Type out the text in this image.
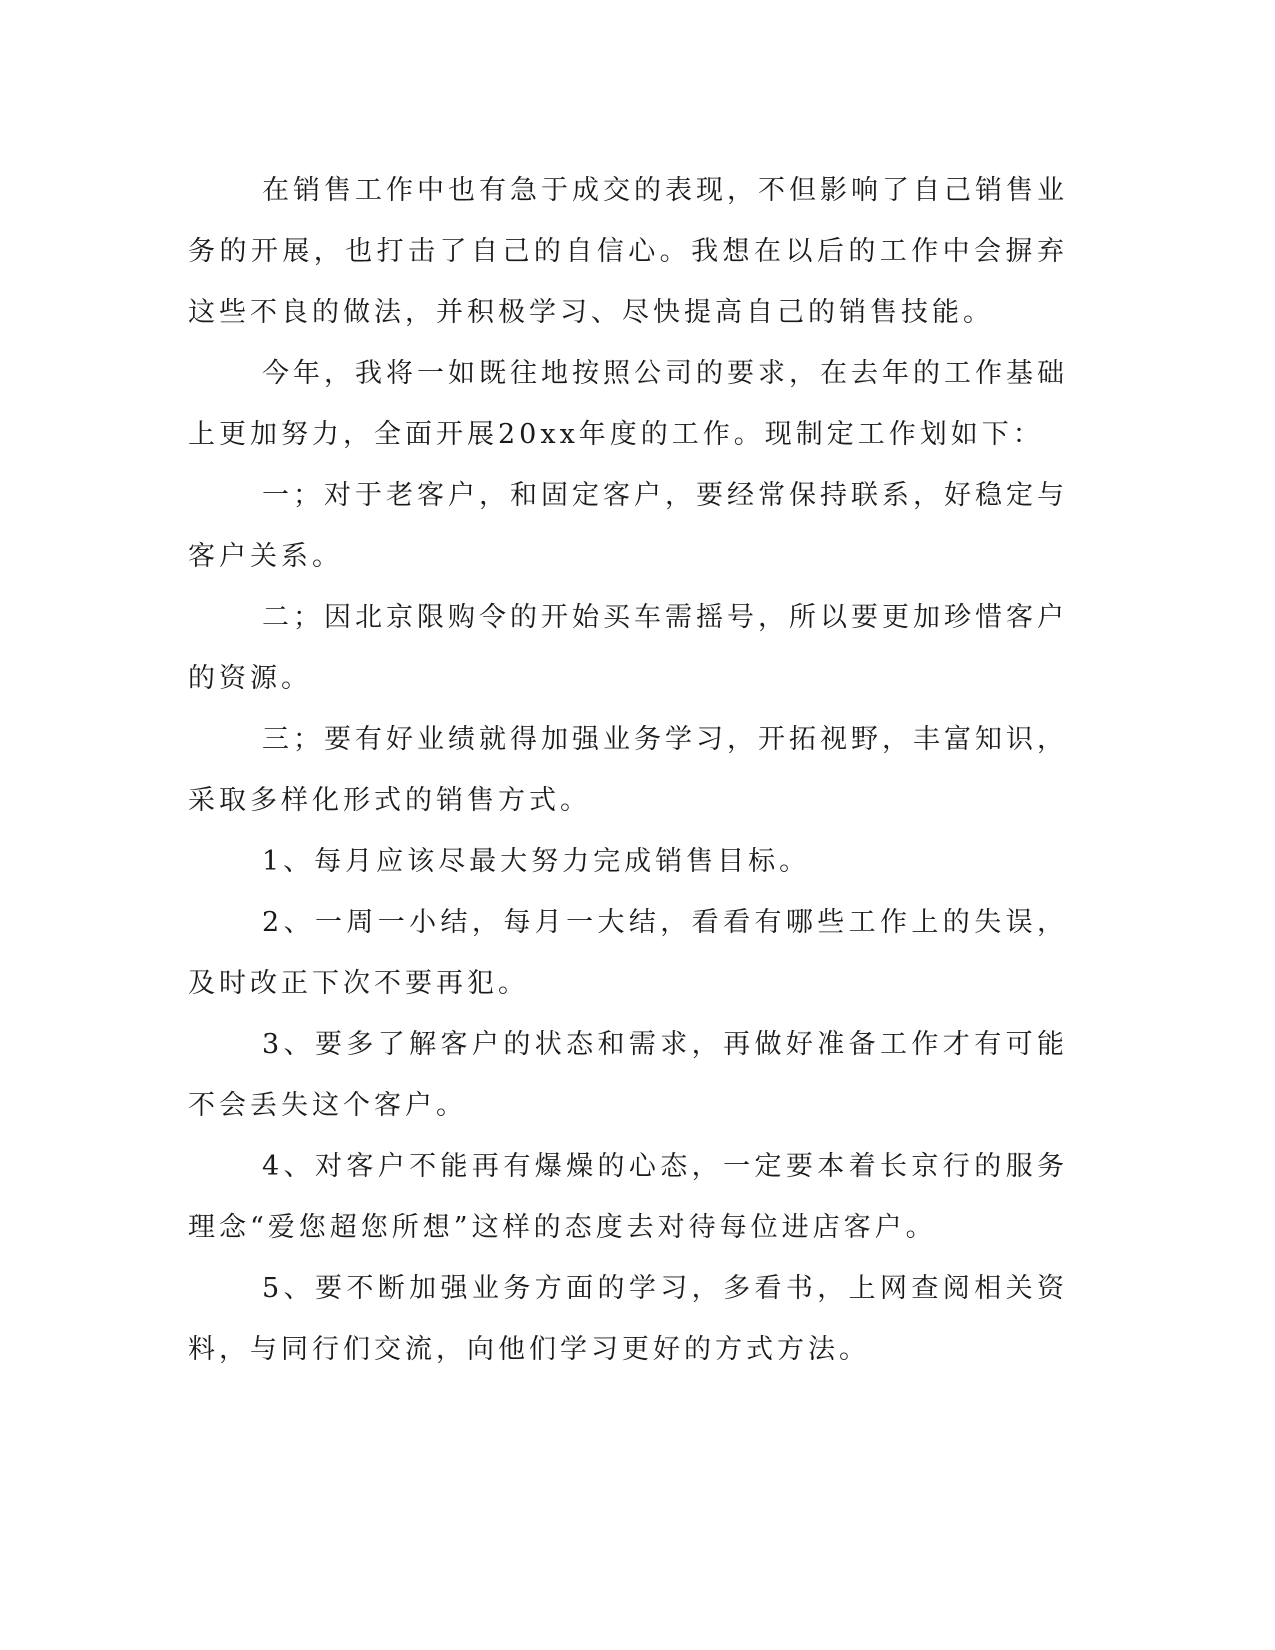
在销售工作中也有急于成交的表现，不但影响了自己销售业务的开展，也打击了自己的自信心。我想在以后的工作中会摒弃这些不良的做法，并积极学习、尽快提高自己的销售技能。

今年，我将一如既往地按照公司的要求，在去年的工作基础上更加努力，全面开展20xx年度的工作。现制定工作划如下：

一；对于老客户，和固定客户，要经常保持联系，好稳定与客户关系。

二；因北京限购令的开始买车需摇号，所以要更加珍惜客户的资源。

三；要有好业绩就得加强业务学习，开拓视野，丰富知识，采取多样化形式的销售方式。

1、每月应该尽最大努力完成销售目标。

2、一周一小结，每月一大结，看看有哪些工作上的失误，及时改正下次不要再犯。

3、要多了解客户的状态和需求，再做好准备工作才有可能不会丢失这个客户。

4、对客户不能再有爆燥的心态，一定要本着长京行的服务理念“爱您超您所想”这样的态度去对待每位进店客户。

5、要不断加强业务方面的学习，多看书，上网查阅相关资料，与同行们交流，向他们学习更好的方式方法。
